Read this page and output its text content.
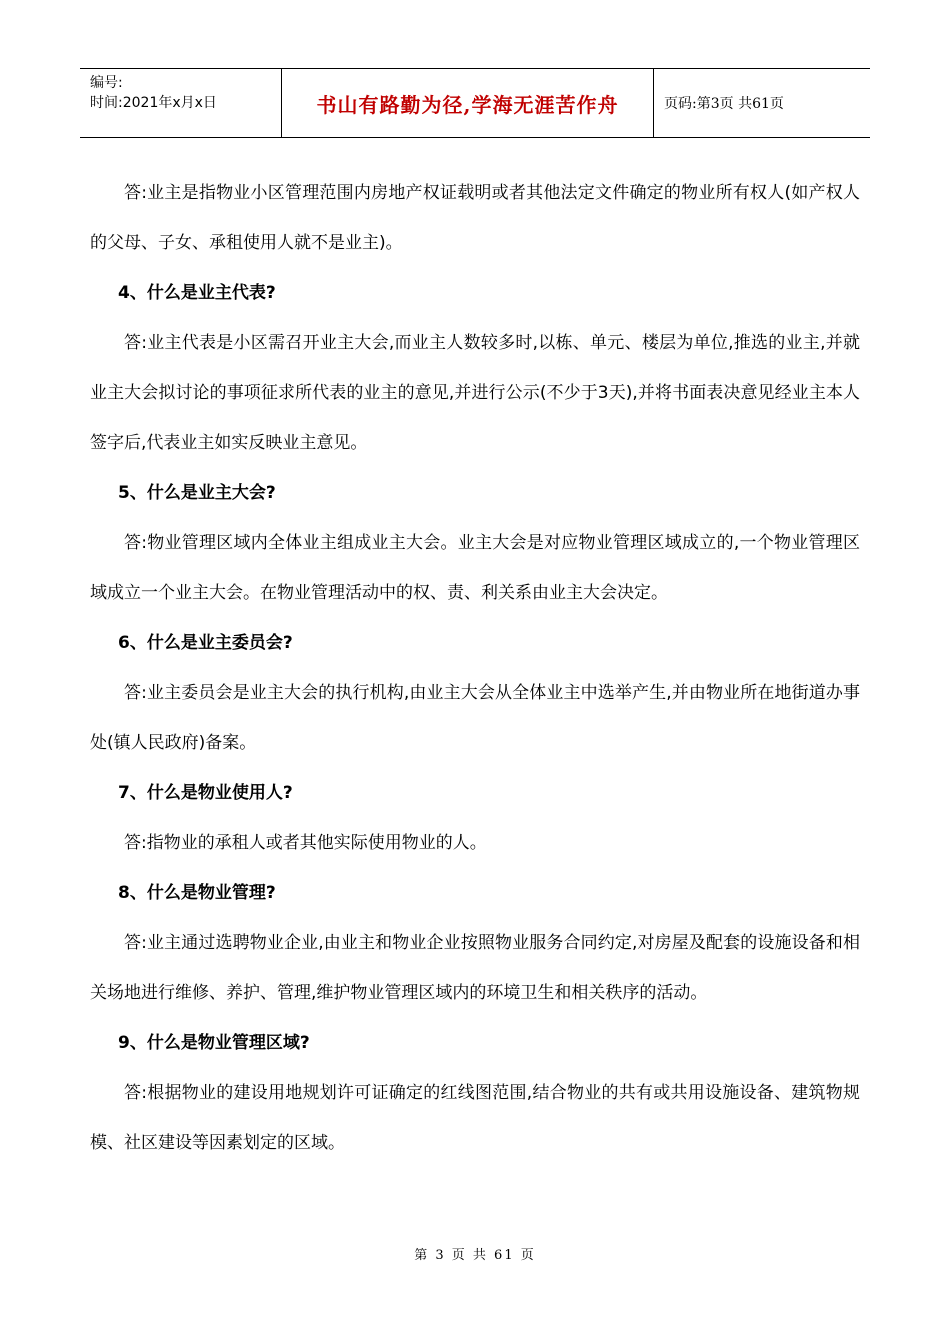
编号:
时间:2021年x月x日	书山有路勤为径,学海无涯苦作舟	页码:第3页 共61页

答:业主是指物业小区管理范围内房地产权证载明或者其他法定文件确定的物业所有权人(如产权人的父母、子女、承租使用人就不是业主)。

4、什么是业主代表?

答:业主代表是小区需召开业主大会,而业主人数较多时,以栋、单元、楼层为单位,推选的业主,并就业主大会拟讨论的事项征求所代表的业主的意见,并进行公示(不少于3天),并将书面表决意见经业主本人签字后,代表业主如实反映业主意见。

5、什么是业主大会?

答:物业管理区域内全体业主组成业主大会。业主大会是对应物业管理区域成立的,一个物业管理区域成立一个业主大会。在物业管理活动中的权、责、利关系由业主大会决定。

6、什么是业主委员会?

答:业主委员会是业主大会的执行机构,由业主大会从全体业主中选举产生,并由物业所在地街道办事处(镇人民政府)备案。

7、什么是物业使用人?

答:指物业的承租人或者其他实际使用物业的人。

8、什么是物业管理?

答:业主通过选聘物业企业,由业主和物业企业按照物业服务合同约定,对房屋及配套的设施设备和相关场地进行维修、养护、管理,维护物业管理区域内的环境卫生和相关秩序的活动。

9、什么是物业管理区域?

答:根据物业的建设用地规划许可证确定的红线图范围,结合物业的共有或共用设施设备、建筑物规模、社区建设等因素划定的区域。

第 3 页 共 61 页
